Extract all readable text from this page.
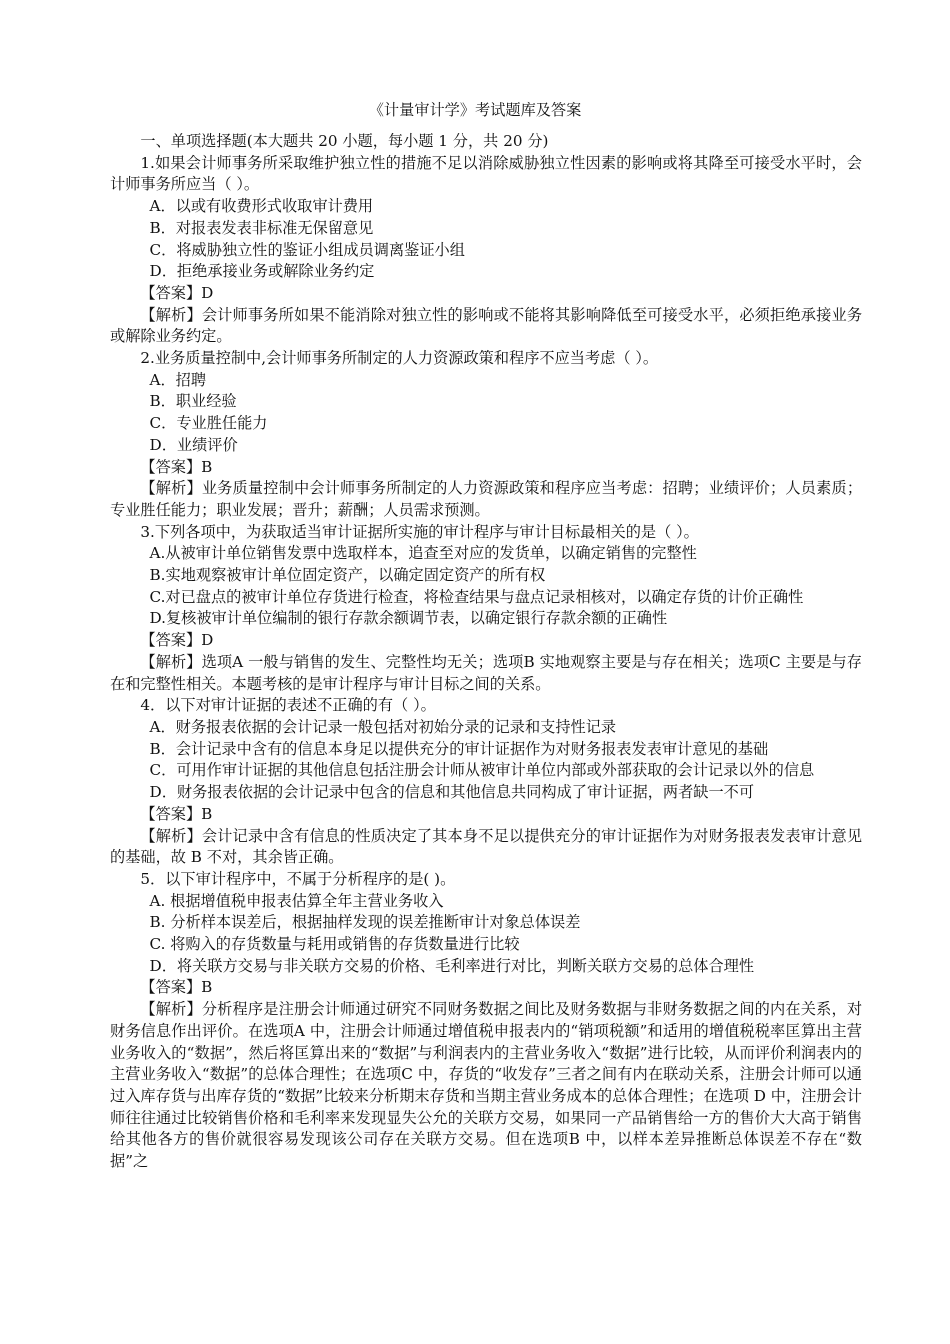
《计量审计学》考试题库及答案

一、单项选择题(本大题共 20 小题，每小题 1 分，共 20 分)

1.如果会计师事务所采取维护独立性的措施不足以消除威胁独立性因素的影响或将其降至可接受水平时，会计师事务所应当（ ）。

A．以或有收费形式收取审计费用

B．对报表发表非标准无保留意见

C．将威胁独立性的鉴证小组成员调离鉴证小组

D．拒绝承接业务或解除业务约定

【答案】D

【解析】会计师事务所如果不能消除对独立性的影响或不能将其影响降低至可接受水平，必须拒绝承接业务或解除业务约定。

2.业务质量控制中,会计师事务所制定的人力资源政策和程序不应当考虑（ ）。

A．招聘

B．职业经验

C．专业胜任能力

D．业绩评价

【答案】B

【解析】业务质量控制中会计师事务所制定的人力资源政策和程序应当考虑：招聘；业绩评价；人员素质；专业胜任能力；职业发展；晋升；薪酬；人员需求预测。

3.下列各项中，为获取适当审计证据所实施的审计程序与审计目标最相关的是（ ）。

A.从被审计单位销售发票中选取样本，追查至对应的发货单，以确定销售的完整性

B.实地观察被审计单位固定资产，以确定固定资产的所有权

C.对已盘点的被审计单位存货进行检查，将检查结果与盘点记录相核对，以确定存货的计价正确性

D.复核被审计单位编制的银行存款余额调节表，以确定银行存款余额的正确性

【答案】D

【解析】选项A 一般与销售的发生、完整性均无关；选项B 实地观察主要是与存在相关；选项C 主要是与存在和完整性相关。本题考核的是审计程序与审计目标之间的关系。

4．以下对审计证据的表述不正确的有（ ）。

A．财务报表依据的会计记录一般包括对初始分录的记录和支持性记录

B．会计记录中含有的信息本身足以提供充分的审计证据作为对财务报表发表审计意见的基础

C．可用作审计证据的其他信息包括注册会计师从被审计单位内部或外部获取的会计记录以外的信息

D．财务报表依据的会计记录中包含的信息和其他信息共同构成了审计证据，两者缺一不可

【答案】B

【解析】会计记录中含有信息的性质决定了其本身不足以提供充分的审计证据作为对财务报表发表审计意见的基础，故 B 不对，其余皆正确。

5．以下审计程序中，不属于分析程序的是( )。

A. 根据增值税申报表估算全年主营业务收入

B. 分析样本误差后，根据抽样发现的误差推断审计对象总体误差

C. 将购入的存货数量与耗用或销售的存货数量进行比较

D．将关联方交易与非关联方交易的价格、毛利率进行对比，判断关联方交易的总体合理性

【答案】B

【解析】分析程序是注册会计师通过研究不同财务数据之间比及财务数据与非财务数据之间的内在关系，对财务信息作出评价。在选项A 中，注册会计师通过增值税申报表内的“销项税额”和适用的增值税税率匡算出主营业务收入的“数据”，然后将匡算出来的“数据”与利润表内的主营业务收入“数据”进行比较，从而评价利润表内的主营业务收入“数据”的总体合理性；在选项C 中，存货的“收发存”三者之间有内在联动关系，注册会计师可以通过入库存货与出库存货的“数据”比较来分析期末存货和当期主营业务成本的总体合理性；在选项 D 中，注册会计师往往通过比较销售价格和毛利率来发现显失公允的关联方交易，如果同一产品销售给一方的售价大大高于销售给其他各方的售价就很容易发现该公司存在关联方交易。但在选项B 中，以样本差异推断总体误差不存在“数据”之
